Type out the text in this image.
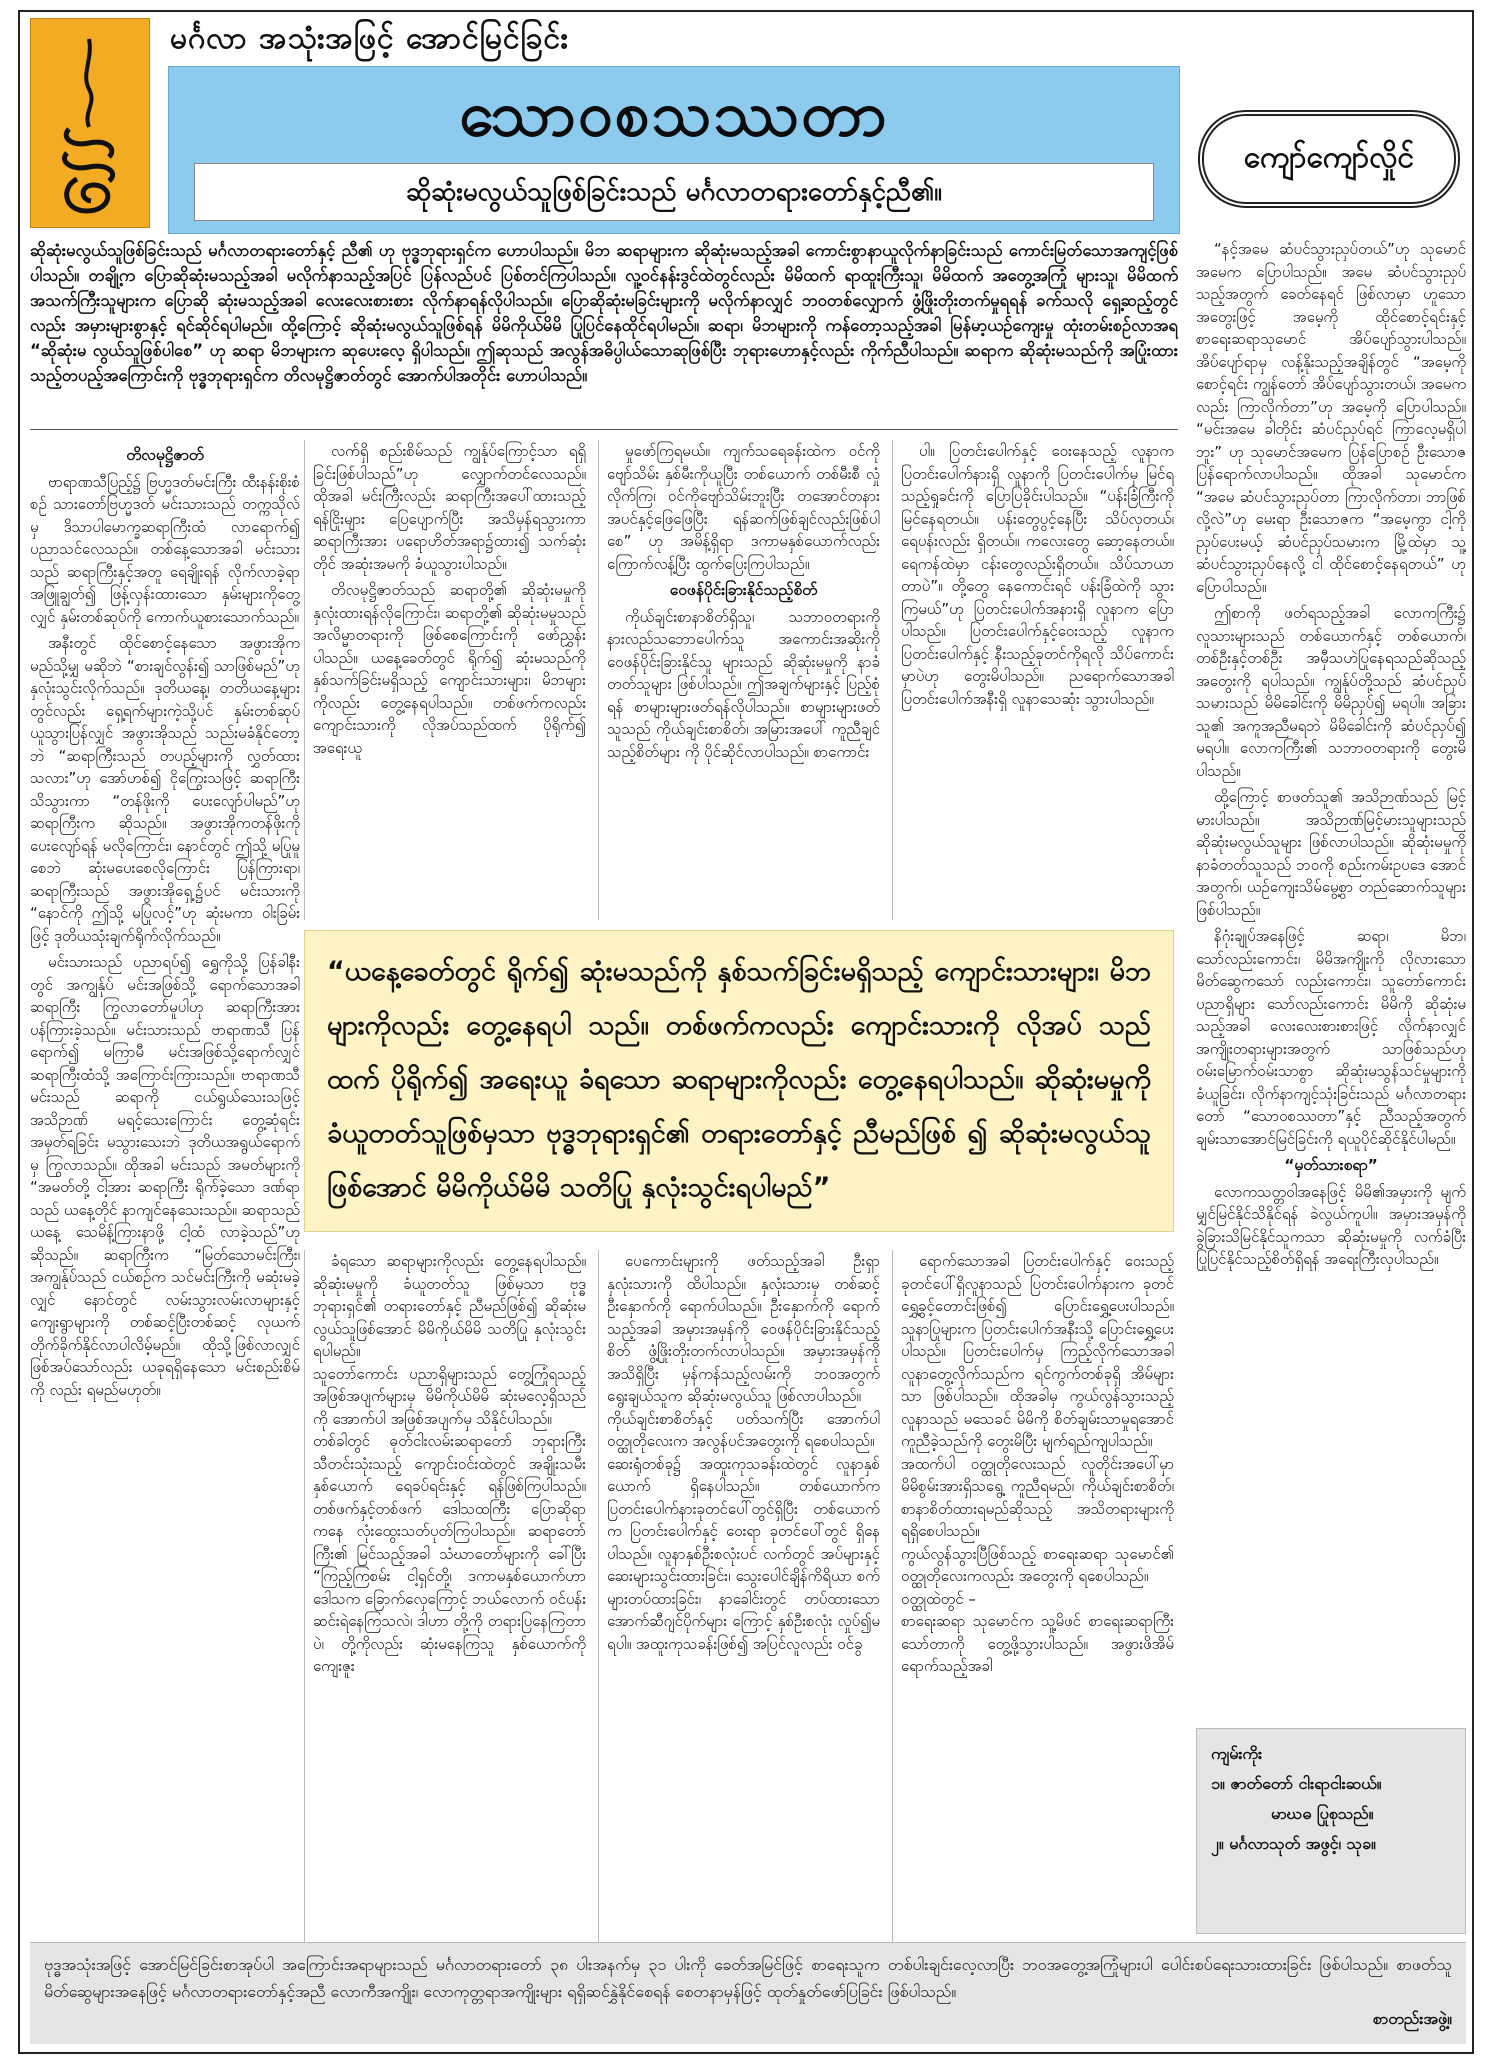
မင်္ဂလာ အသုံးအဖြင့် အောင်မြင်ခြင်း
သောဝစသဿတာ
ဆိုဆုံးမလွယ်သူဖြစ်ခြင်းသည် မင်္ဂလာတရားတော်နှင့်ညီ၏။
ကျော်ကျော်လှိုင်
ဆိုဆုံးမလွယ်သူဖြစ်ခြင်းသည် မင်္ဂလာတရားတော်နှင့် ညီ၏ ဟု ဗုဒ္ဓဘုရားရှင်က ဟောပါသည်။ မိဘ ဆရာများက ဆိုဆုံးမသည့်အခါ ကောင်းစွာနာယူလိုက်နာခြင်းသည် ကောင်းမြတ်သောအကျင့်ဖြစ်ပါသည်။ တချို့က ပြောဆိုဆုံးမသည့်အခါ မလိုက်နာသည့်အပြင် ပြန်လည်ပင် ပြစ်တင်ကြပါသည်။ လူ့ဝင်နန်းဒွင်ထဲတွင်လည်း မိမိထက် ရာထူးကြီးသူ၊ မိမိထက် အတွေ့အကြုံ များသူ၊ မိမိထက် အသက်ကြီးသူများက ပြောဆို ဆုံးမသည့်အခါ လေးလေးစားစား လိုက်နာရန်လိုပါသည်။ ပြောဆိုဆုံးမခြင်းများကို မလိုက်နာလျှင် ဘဝတစ်လျှောက် ဖွံ့ဖြိုးတိုးတက်မှုရရန် ခက်သလို ရှေ့ဆည့်တွင်လည်း အမှားများစွာနှင့် ရင်ဆိုင်ရပါမည်။ ထို့ကြောင့် ဆိုဆုံးမလွယ်သူဖြစ်ရန် မိမိကိုယ်မိမိ ပြုပြင်နေထိုင်ရပါမည်။ ဆရာ၊ မိဘများကို ကန်တော့သည့်အခါ မြန်မာ့ယဉ်ကျေးမှု ထုံးတမ်းစဉ်လာအရ “ဆိုဆုံးမ လွယ်သူဖြစ်ပါစေ” ဟု ဆရာ မိဘများက ဆုပေးလေ့ ရှိပါသည်။ ဤဆုသည် အလွန်အဓိပ္ပါယ်သောဆုဖြစ်ပြီး ဘုရားဟောနှင့်လည်း ကိုက်ညီပါသည်။ ဆရာက ဆိုဆုံးမသည်ကို အပြုံးထားသည့်တပည့်အကြောင်းကို ဗုဒ္ဓဘုရားရှင်က တိလမုဋ္ဌိဇာတ်တွင် အောက်ပါအတိုင်း ဟောပါသည်။
တိလမုဋ္ဌိဇာတ်

ဗာရာဏသီပြည့်၌ ဗြဟ္မဒတ်မင်းကြီး ထီးနန်းစိုးစံစဉ် သားတော်ဗြဟ္မဒတ် မင်းသားသည် တက္ကသိုလ်မှ ဒိသာပါမောက္ခဆရာကြီးထံ လာရောက်၍ ပညာသင်လေသည်။ တစ်နေ့သောအခါ မင်းသားသည် ဆရာကြီးနှင့်အတူ ရေချိုးရန် လိုက်လာခဲ့ရာ အဖြူချွတ်၍ ဖြန့်လှန်းထားသော နှမ်းများကိုတွေ့လျှင် နှမ်းတစ်ဆုပ်ကို ကောက်ယူစားသောက်သည်။

အနီးတွင် ထိုင်စောင့်နေသော အဖွားအိုက မည်သို့မျှ မဆိုဘဲ “စားချင်လွန်း၍ သာဖြစ်မည်”ဟု နှလုံးသွင်းလိုက်သည်။ ဒုတိယနေ့၊ တတိယနေ့များတွင်လည်း ရှေ့ရက်များကဲ့သို့ပင် နှမ်းတစ်ဆုပ် ယူသွားပြန်လျှင် အဖွားအိုသည် သည်းမခံနိုင်တော့ဘဲ “ဆရာကြီးသည် တပည့်များကို လွှတ်ထားသလား”ဟု အော်ဟစ်၍ ငိုကြွေးသဖြင့် ဆရာကြီး သိသွားကာ “တန်ဖိုးကို ပေးလျော်ပါမည်”ဟု ဆရာကြီးက ဆိုသည်။ အဖွားအိုကတန်ဖိုးကို ပေးလျော်ရန် မလိုကြောင်း၊ နောင်တွင် ဤသို့ မပြုမူစေဘဲ ဆုံးမပေးစေလိုကြောင်း ပြန်ကြားရာ၊ ဆရာကြီးသည် အဖွားအိုရှေ့၌ပင် မင်းသားကို “နောင်ကို ဤသို့ မပြုလင့်”ဟု ဆုံးမကာ ဝါးခြမ်း ဖြင့် ဒုတိယသုံးချက်ရိုက်လိုက်သည်။

မင်းသားသည် ပညာရပ်၍ ရွှေကိုသို့ ပြန်ခါနီးတွင် အကျွန်ုပ် မင်းအဖြစ်သို့ ရောက်သောအခါ ဆရာကြီး ကြွလာတော်မူပါဟု ဆရာကြီးအား ပန်ကြားခဲ့သည်။ မင်းသားသည် ဗာရာဏသီ ပြန်ရောက်၍ မကြာမီ မင်းအဖြစ်သို့ရောက်လျှင် ဆရာကြီးထံသို့ အကြောင်းကြားသည်။ ဗာရာဏသီမင်းသည် ဆရာကို ငယ်ရွယ်သေးသဖြင့် အသိဉာဏ် မရင့်သေးကြောင်း တွေ့ဆုံရင်း အမှတ်ရခြင်း မသွားသေးဘဲ ဒုတိယအရွယ်ရောက်မှ ကြွလာသည်။ ထိုအခါ မင်းသည် အမတ်များကို “အမတ်တို့ ငါ့အား ဆရာကြီး ရိုက်ခဲ့သော ဒဏ်ရာသည် ယနေ့တိုင် နာကျင်နေသေးသည်။ ဆရာသည် ယနေ့ သေမိန့်ကြားနာဖို့ ငါ့ထံ လာခဲ့သည်”ဟု ဆိုသည်။ ဆရာကြီးက “မြတ်သောမင်းကြီး၊ အကျွန်ုပ်သည် ငယ်စဉ်က သင်မင်းကြီးကို မဆုံးမခဲ့လျှင် နောင်တွင် လမ်းသွားလမ်းလာများနှင့် ကျေးရွာများကို တစ်ဆင့်ပြီးတစ်ဆင့် လုယက် တိုက်ခိုက်နိုင်လာပါလိမ့်မည်။ ထိုသို့ဖြစ်လာလျှင် ဖြစ်အပ်သော်လည်း ယခုရရှိနေသော မင်းစည်းစိမ်ကို လည်း ရမည်မဟုတ်။

လက်ရှိ စည်းစိမ်သည် ကျွန်ုပ်ကြောင့်သာ ရရှိခြင်းဖြစ်ပါသည်”ဟု လျှောက်တင်လေသည်။ ထိုအခါ မင်းကြီးလည်း ဆရာကြီးအပေါ်ထားသည့် ရန်ငြိုးများ ပြေပျောက်ပြီး အသိမှန်ရသွားကာ ဆရာကြီးအား ပရောဟိတ်အရာ၌ထား၍ သက်ဆုံးတိုင် အဆုံးအမကို ခံယူသွားပါသည်။

တိလမုဋ္ဌိဇာတ်သည် ဆရာတို့၏ ဆိုဆုံးမမှုကို နှလုံးထားရန်လိုကြောင်း၊ ဆရာတို့၏ ဆိုဆုံးမမှုသည် အလိမ္မာတရားကို ဖြစ်စေကြောင်းကို ဖော်ညွှန်းပါသည်။ ယနေ့ခေတ်တွင် ရိုက်၍ ဆုံးမသည်ကို နှစ်သက်ခြင်းမရှိသည့် ကျောင်းသားများ၊ မိဘများကိုလည်း တွေ့နေရပါသည်။ တစ်ဖက်ကလည်း ကျောင်းသားကို လိုအပ်သည်ထက် ပိုရိုက်၍ အရေးယူ

မှုဖော်ကြရမယ်။ ကျက်သရေခန်းထဲက ဝင်ကိုဗျော်သိမ်း နှစ်မီးကိုယူပြီး တစ်ယောက် တစ်မီးစီ လှုံလိုက်ကြ၊ ဝင်ကိုဗျော်သိမ်းဘူးပြီး တအောင်တနား အပင်နှင့်ဖြေဖြေပြီး ရန်ဆက်ဖြစ်ချင်လည်းဖြစ်ပါစေ” ဟု အမိန့်ရှိရာ ဒကာမနှစ်ယောက်လည်း ကြောက်လန့်ပြီး ထွက်ပြေးကြပါသည်။

ဝေဖန်ပိုင်းခြားနိုင်သည့်စိတ်

ကိုယ်ချင်းစာနာစိတ်ရှိသူ၊ သဘာဝတရားကို နားလည်သဘောပေါက်သူ အကောင်းအဆိုးကို ဝေဖန်ပိုင်းခြားနိုင်သူ များသည် ဆိုဆုံးမမှုကို နာခံတတ်သူများ ဖြစ်ပါသည်။ ဤအချက်များနှင့် ပြည့်စုံရန် စာများများဖတ်ရန်လိုပါသည်။ စာများများဖတ်သူသည် ကိုယ်ချင်းစာစိတ်၊ အမြားအပေါ် ကူညီချင်သည့်စိတ်များ ကို ပိုင်ဆိုင်လာပါသည်။ စာကောင်း

ပါ။ ပြတင်းပေါက်နှင့် ဝေးနေသည့် လူနာက ပြတင်းပေါက်နားရှိ လူနာကို ပြတင်းပေါက်မှ မြင်ရသည့်ရှုခင်းကို ပြောပြခိုင်းပါသည်။ “ပန်းခြံကြီးကို မြင်နေရတယ်။ ပန်းတွေပွင့်နေပြီး သိပ်လှတယ်၊ ရေပန်းလည်း ရှိတယ်။ ကလေးတွေ ဆော့နေတယ်။ ရေကန်ထဲမှာ ငန်းတွေလည်းရှိတယ်။ သိပ်သာယာတာပဲ”။ တို့တွေ နေကောင်းရင် ပန်းခြံထဲကို သွားကြမယ်”ဟု ပြတင်းပေါက်အနားရှိ လူနာက ပြောပါသည်။ ပြတင်းပေါက်နှင့်ဝေးသည့် လူနာက ပြတင်းပေါက်နှင့် နီးသည့်ခုတင်ကိုရလို သိပ်ကောင်းမှာပဲဟု တွေးမိပါသည်။ ညရောက်သောအခါ ပြတင်းပေါက်အနီးရှိ လူနာသေဆုံး သွားပါသည်။

“ယနေ့ခေတ်တွင် ရိုက်၍ ဆုံးမသည်ကို နှစ်သက်ခြင်းမရှိသည့် ကျောင်းသားများ၊ မိဘများကိုလည်း တွေ့နေရပါ သည်။ တစ်ဖက်ကလည်း ကျောင်းသားကို လိုအပ် သည်ထက် ပိုရိုက်၍ အရေးယူ ခံရသော ဆရာများကိုလည်း တွေ့နေရပါသည်။ ဆိုဆုံးမမှုကို ခံယူတတ်သူဖြစ်မှသာ ဗုဒ္ဓဘုရားရှင်၏ တရားတော်နှင့် ညီမည်ဖြစ် ၍ ဆိုဆုံးမလွယ်သူ ဖြစ်အောင် မိမိကိုယ်မိမိ သတိပြု နှလုံးသွင်းရပါမည်”

ခံရသော ဆရာများကိုလည်း တွေ့နေရပါသည်။ ဆိုဆုံးမမှုကို ခံယူတတ်သူ ဖြစ်မှသာ ဗုဒ္ဓဘုရားရှင်၏ တရားတော်နှင့် ညီမည်ဖြစ်၍ ဆိုဆုံးမလွယ်သူဖြစ်အောင် မိမိကိုယ်မိမိ သတိပြု နှလုံးသွင်းရပါမည်။
သူတော်ကောင်း ပညာရှိများသည် တွေ့ကြုံရသည့် အဖြစ်အပျက်များမှ မိမိကိုယ်မိမိ ဆုံးမလေ့ရှိသည်ကို အောက်ပါ အဖြစ်အပျက်မှ သိနိုင်ပါသည်။
တစ်ခါတွင် ဓုတ်ငါးလမ်းဆရာတော် ဘုရားကြီး သီတင်းသုံးသည့် ကျောင်းဝင်းထဲတွင် အချိုးသမီးနှစ်ယောက် ရေခပ်ရင်းနှင့် ရန်ဖြစ်ကြပါသည်။ တစ်ဖက်နှင့်တစ်ဖက် ဒေါသထကြီး ပြောဆိုရာ ကနေ လုံးထွေးသတ်ပုတ်ကြပါသည်။ ဆရာတော်ကြီး၏ မြင်သည့်အခါ သံဃာတော်များကို ခေါ်ပြီး “ကြည့်ကြစမ်း ငါ့ရှင်တို့၊ ဒကာမနှစ်ယောက်ဟာ ဒေါသက ခြောက်လှေကြောင့် ဘယ်လောက် ဝင်ပန်းဆင်းရဲနေကြသလဲ၊ ဒါဟာ တို့ကို တရားပြနေကြတာပဲ၊ တို့ကိုလည်း ဆုံးမနေကြသူ နှစ်ယောက်ကို ကျေးဇူး

ပေကောင်းများကို ဖတ်သည့်အခါ ဦးရှာနှလုံးသားကို ထိပါသည်။ နှလုံးသားမှ တစ်ဆင့် ဦးနှောက်ကို ရောက်ပါသည်။ ဦးနှောက်ကို ရောက်သည့်အခါ အမှားအမှန်ကို ဝေဖန်ပိုင်းခြားနိုင်သည့်စိတ် ဖွံ့ဖြိုးတိုးတက်လာပါသည်။ အမှားအမှန်ကို အသိရှိပြီး မှန်ကန်သည့်လမ်းကို ဘဝအတွက် ရွေးချယ်သူက ဆိုဆုံးမလွယ်သူ ဖြစ်လာပါသည်။
ကိုယ်ချင်းစာစိတ်နှင့် ပတ်သက်ပြီး အောက်ပါဝတ္ထုတိုလေးက အလွန်ပင်အတွေးကို ရစေပါသည်။
ဆေးရုံတစ်ခု၌ အထူးကုသခန်းထဲတွင် လူနာနှစ်ယောက် ရှိနေပါသည်။ တစ်ယောက်က ပြတင်းပေါက်နားခုတင်ပေါ်တွင်ရှိပြီး တစ်ယောက်က ပြတင်းပေါက်နှင့် ဝေးရာ ခုတင်ပေါ်တွင် ရှိနေပါသည်။ လူနာနှစ်ဦးစလုံးပင် လက်တွင် အပ်များနှင့် ဆေးများသွင်းထားခြင်း၊ သွေးပေါင်ချိန်ကိရိယာ စက်များတပ်ထားခြင်း၊ နာခေါင်းတွင် တပ်ထားသော အောက်ဆီဂျင်ပိုက်များ ကြောင့် နှစ်ဦးစလုံး လှုပ်၍မရပါ။ အထူးကုသခန်းဖြစ်၍ အပြင်လူလည်း ဝင်ခွ

ရောက်သောအခါ ပြတင်းပေါက်နှင့် ဝေးသည့် ခုတင်ပေါ်ရှိလူနာသည် ပြတင်းပေါက်နားက ခုတင်ရွှေ့ခွင့်တောင်းဖြစ်၍ ပြောင်းရွှေ့ပေးပါသည်။ သူနာပြုများက ပြတင်းပေါက်အနီးသို့ ပြောင်းရွှေ့ပေးပါသည်။ ပြတင်းပေါက်မှ ကြည့်လိုက်သောအခါ လူနာတွေ့လိုက်သည်က ရင်ကွက်တစ်ခုရှိ အိမ်များသာ ဖြစ်ပါသည်။ ထိုအခါမှ ကွယ်လွန်သွားသည့် လူနာသည် မသေခင် မိမိကို စိတ်ချမ်းသာမှုရအောင် ကူညီခဲ့သည်ကို တွေးမိပြီး မျက်ရည်ကျပါသည်။
အထက်ပါ ဝတ္ထုတိုလေးသည် လူတိုင်းအပေါ်မှာ မိမိစွမ်းအားရှိသရွေ့ ကူညီရမည်၊ ကိုယ်ချင်းစာစိတ်၊ စာနာစိတ်ထားရမည်ဆိုသည့် အသိတရားများကို ရရှိစေပါသည်။
ကွယ်လွန်သွားပြီဖြစ်သည့် စာရေးဆရာ သုမောင်၏ ဝတ္ထုတိုလေးကလည်း အတွေးကို ရစေပါသည်။
ဝတ္ထုထဲတွင် –
စာရေးဆရာ သုမောင်က သူ့မိဖင် စာရေးဆရာကြီးသော်တာကို တွေ့ဖို့သွားပါသည်။ အဖွားဖိအိမ်ရောက်သည့်အခါ

“နင့်အမေ ဆံပင်သွားညှပ်တယ်”ဟု သုမောင်အမေက ပြောပါသည်။ အမေ ဆံပင်သွားညှပ်သည့်အတွက် ခေတ်နေရင် ဖြစ်လာမှာ ဟူသောအတွေးဖြင့် အမေ့ကို ထိုင်စောင့်ရင်းနှင့် စာရေးဆရာသုမောင် အိပ်ပျော်သွားပါသည်။ အိပ်ပျော်ရာမှ လန့်နိုးသည့်အချိန်တွင် “အမေ့ကို စောင့်ရင်း ကျွန်တော် အိပ်ပျော်သွားတယ်၊ အမေကလည်း ကြာလိုက်တာ”ဟု အမေ့ကို ပြောပါသည်။ “မင်းအမေ ခါတိုင်း ဆံပင်ညှပ်ရင် ကြာလေ့မရှိပါဘူး” ဟု သုမောင်အမေက ပြန်ပြောစဉ် ဦးသောဇ ပြန်ရောက်လာပါသည်။ ထိုအခါ သုမောင်က “အမေ ဆံပင်သွားညှပ်တာ ကြာလိုက်တာ၊ ဘာဖြစ်လို့လဲ”ဟု မေးရာ ဦးသောဇက “အမေ့ကွာ ငါ့ကိုညှပ်ပေးမယ့် ဆံပင်ညှပ်သမားက မြို့ထဲမှာ သူ့ဆံပင်သွားညှပ်နေလို့ ငါ ထိုင်စောင့်နေရတယ်” ဟု ပြောပါသည်။

ဤစာကို ဖတ်ရသည့်အခါ လောကကြီး၌ လူသားများသည် တစ်ယောက်နှင့် တစ်ယောက်၊ တစ်ဦးနှင့်တစ်ဦး အမှီသဟဲပြုနေရသည်ဆိုသည့် အတွေးကို ရပါသည်။ ကျွန်ုပ်တို့သည် ဆံပင်ညှပ်သမားသည် မိမိခေါင်းကို မိမိညှပ်၍ မရပါ။ အခြားသူ၏ အကူအညီမရဘဲ မိမိခေါင်းကို ဆံပင်ညှပ်၍ မရပါ။ လောကကြီး၏ သဘာဝတရားကို တွေးမိပါသည်။

ထို့ကြောင့် စာဖတ်သူ၏ အသိဉာဏ်သည် မြင့်မားပါသည်။ အသိဉာဏ်မြင့်မားသူများသည် ဆိုဆုံးမလွယ်သူများ ဖြစ်လာပါသည်။ ဆိုဆုံးမမှုကို နာခံတတ်သူသည် ဘဝကို စည်းကမ်းဥပဒေ အောင်အတွက်၊ ယဉ်ကျေးသိမ်မွေ့စွာ တည်ဆောက်သူများ ဖြစ်ပါသည်။

နိဂုံးချုပ်အနေဖြင့် ဆရာ၊ မိဘ၊ သော်လည်းကောင်း၊ မိမိအကျိုးကို လိုလားသောမိတ်ဆွေကသော် လည်းကောင်း၊ သူတော်ကောင်း ပညာရှိများ သော်လည်းကောင်း မိမိကို ဆိုဆုံးမသည့်အခါ လေးလေးစားစားဖြင့် လိုက်နာလျှင် အကျိုးတရားများအတွက် သာဖြစ်သည်ဟု ဝမ်းမြောက်ဝမ်းသာစွာ ဆိုဆုံးမသွန်သင်မှုများကို ခံယူခြင်း၊ လိုက်နာကျင့်သုံးခြင်းသည် မင်္ဂလာတရားတော် “သောဝစဿတာ”နှင့် ညီသည့်အတွက် ချမ်းသာအောင်မြင်ခြင်းကို ရယူပိုင်ဆိုင်နိုင်ပါမည်။

“မှတ်သားစရာ”

လောကသတ္တဝါအနေဖြင့် မိမိ၏အမှားကို မျက်မျှင်မြင်နိုင်သိနိုင်ရန် ခဲလွယ်ကူပါ။ အမှားအမှန်ကို ခွဲခြားသိမြင်နိုင်သူကသာ ဆိုဆုံးမမှုကို လက်ခံပြီး ပြုပြင်နိုင်သည့်စိတ်ရှိရန် အရေးကြီးလှပါသည်။

ကျမ်းကိုး
၁။ ဇာတ်တော် ငါးရာငါးဆယ်။
မာဃဓ ပြုစုသည်။
၂။ မင်္ဂလာသုတ် အဖွင့်၊ သုခ။
ဗုဒ္ဓအသုံးအဖြင့် အောင်မြင်ခြင်းစာအုပ်ပါ အကြောင်းအရာများသည် မင်္ဂလာတရားတော် ၃၈ ပါးအနက်မှ ၃၁ ပါးကို ခေတ်အမြင်ဖြင့် စာရေးသူက တစ်ပါးချင်းလေ့လာပြီး ဘဝအတွေ့အကြုံများပါ ပေါင်းစပ်ရေးသားထားခြင်း ဖြစ်ပါသည်။ စာဖတ်သူမိတ်ဆွေများအနေဖြင့် မင်္ဂလာတရားတော်နှင့်အညီ လောကီအကျိုး၊ လောကုတ္တရာအကျိုးများ ရရှိဆင်နွှဲနိုင်စေရန် စေတနာမှန်ဖြင့် ထုတ်နှုတ်ဖော်ပြခြင်း ဖြစ်ပါသည်။
စာတည်းအဖွဲ့။
